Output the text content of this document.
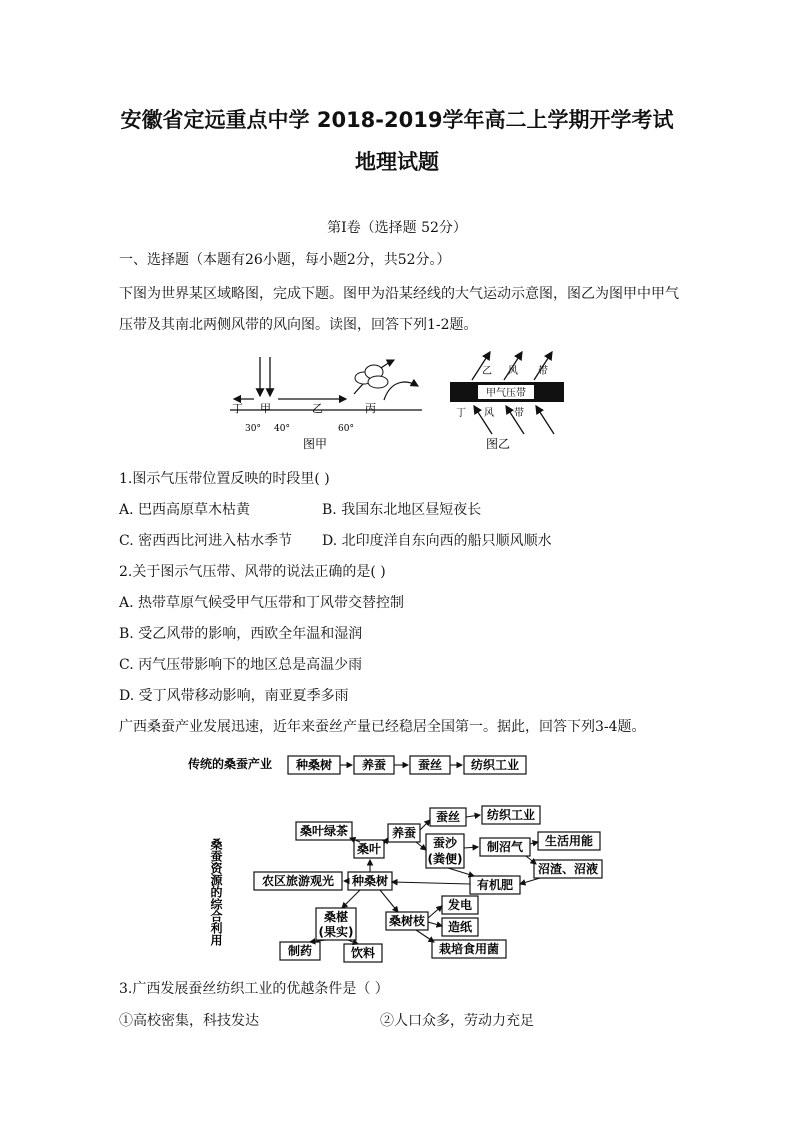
安徽省定远重点中学 2018-2019学年高二上学期开学考试
地理试题
第I卷（选择题 52分）
一、选择题（本题有26小题，每小题2分，共52分。）
下图为世界某区域略图，完成下题。图甲为沿某经线的大气运动示意图，图乙为图甲中甲气
压带及其南北两侧风带的风向图。读图，回答下列1-2题。
丁 甲	乙	丙
30° 40°	60°
图甲
甲气压带
乙 风 带
丁 风 带
图乙
1.图示气压带位置反映的时段里( )
A. 巴西高原草木枯黄	B. 我国东北地区昼短夜长
C. 密西西比河进入枯水季节 D. 北印度洋自东向西的船只顺风顺水
2.关于图示气压带、风带的说法正确的是( )
A. 热带草原气候受甲气压带和丁风带交替控制
B. 受乙风带的影响，西欧全年温和湿润
C. 丙气压带影响下的地区总是高温少雨
D. 受丁风带移动影响，南亚夏季多雨
广西桑蚕产业发展迅速，近年来蚕丝产量已经稳居全国第一。据此，回答下列3-4题。
传统的桑蚕产业 种桑树 养蚕	蚕丝 纺织工业
桑蚕资源的综合利用
桑叶绿茶	养蚕
蚕丝 纺织工业
桑叶	蚕沙
(粪便)
制沼气 生活用能
沼渣、沼液
农区旅游观光 种桑树	有机肥
桑椹
(果实)
桑树枝
发电
造纸
栽培食用菌
制药	饮料
3.广西发展蚕丝纺织工业的优越条件是（ ）
①高校密集，科技发达	②人口众多，劳动力充足
